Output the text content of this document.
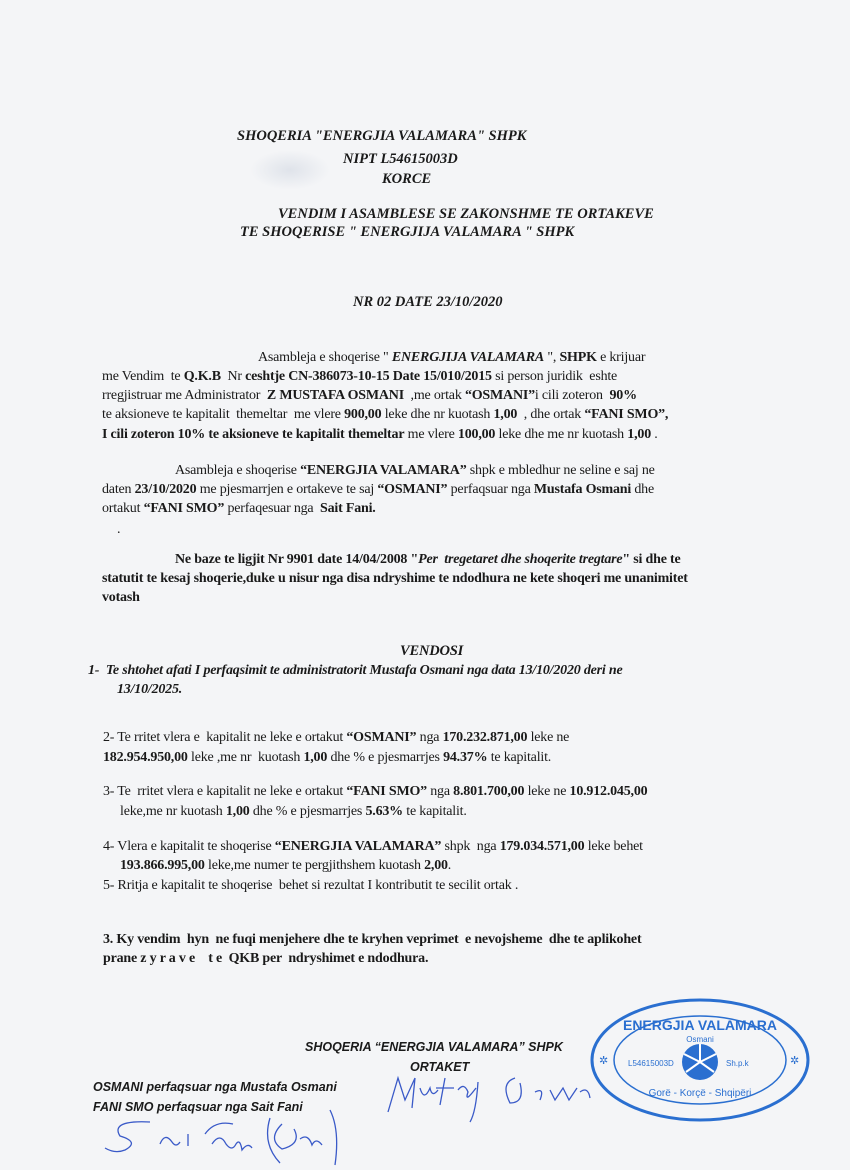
SHOQERIA "ENERGJIA VALAMARA" SHPK
NIPT L54615003D
KORCE
VENDIM I ASAMBLESE SE ZAKONSHME TE ORTAKEVE
TE SHOQERISE " ENERGJIJA VALAMARA " SHPK
NR 02 DATE 23/10/2020
Asambleja e shoqerise " ENERGJIJA VALAMARA ", SHPK e krijuar
me Vendim  te Q.K.B  Nr ceshtje CN-386073-10-15 Date 15/010/2015 si person juridik  eshte
rregjistruar me Administrator  Z MUSTAFA OSMANI  ,me ortak “OSMANI”i cili zoteron  90%
te aksioneve te kapitalit  themeltar  me vlere 900,00 leke dhe nr kuotash 1,00  , dhe ortak “FANI SMO”,
I cili zoteron 10% te aksioneve te kapitalit themeltar me vlere 100,00 leke dhe me nr kuotash 1,00 .
Asambleja e shoqerise “ENERGJIA VALAMARA” shpk e mbledhur ne seline e saj ne
daten 23/10/2020 me pjesmarrjen e ortakeve te saj “OSMANI” perfaqsuar nga Mustafa Osmani dhe
ortakut “FANI SMO” perfaqesuar nga  Sait Fani.
.
Ne baze te ligjit Nr 9901 date 14/04/2008 "Per  tregetaret dhe shoqerite tregtare" si dhe te
statutit te kesaj shoqerie,duke u nisur nga disa ndryshime te ndodhura ne kete shoqeri me unanimitet
votash
VENDOSI
1-  Te shtohet afati I perfaqsimit te administratorit Mustafa Osmani nga data 13/10/2020 deri ne
13/10/2025.
2- Te rritet vlera e  kapitalit ne leke e ortakut “OSMANI” nga 170.232.871,00 leke ne
182.954.950,00 leke ,me nr  kuotash 1,00 dhe % e pjesmarrjes 94.37% te kapitalit.
3- Te  rritet vlera e kapitalit ne leke e ortakut “FANI SMO” nga 8.801.700,00 leke ne 10.912.045,00
leke,me nr kuotash 1,00 dhe % e pjesmarrjes 5.63% te kapitalit.
4- Vlera e kapitalit te shoqerise “ENERGJIA VALAMARA” shpk  nga 179.034.571,00 leke behet
193.866.995,00 leke,me numer te pergjithshem kuotash 2,00.
5- Rritja e kapitalit te shoqerise  behet si rezultat I kontributit te secilit ortak .
3. Ky vendim  hyn  ne fuqi menjehere dhe te kryhen veprimet  e nevojsheme  dhe te aplikohet
prane z y r a v e    t e  QKB per  ndryshimet e ndodhura.
SHOQERIA “ENERGJIA VALAMARA” SHPK
ORTAKET
OSMANI perfaqsuar nga Mustafa Osmani
FANI SMO perfaqsuar nga Sait Fani
ENERGJIA VALAMARA
Osmani
Sh.p.k
L54615003D
Gorë - Korçë - Shqipëri
✲	✲
